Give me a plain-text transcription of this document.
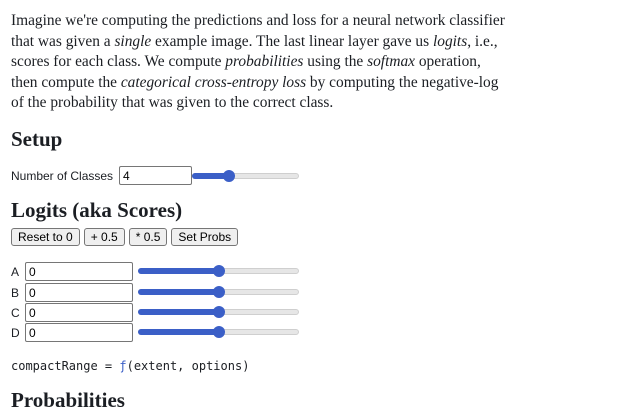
Imagine we're computing the predictions and loss for a neural network classifier that was given a single example image. The last linear layer gave us logits, i.e., scores for each class. We compute probabilities using the softmax operation, then compute the categorical cross-entropy loss by computing the negative-log of the probability that was given to the correct class.

Setup
Number of Classes
4
Logits (aka Scores)
Reset to 0	+ 0.5	* 0.5	Set Probs
A
0
B
0
C
0
D
0
compactRange = ƒ(extent, options)
Probabilities
